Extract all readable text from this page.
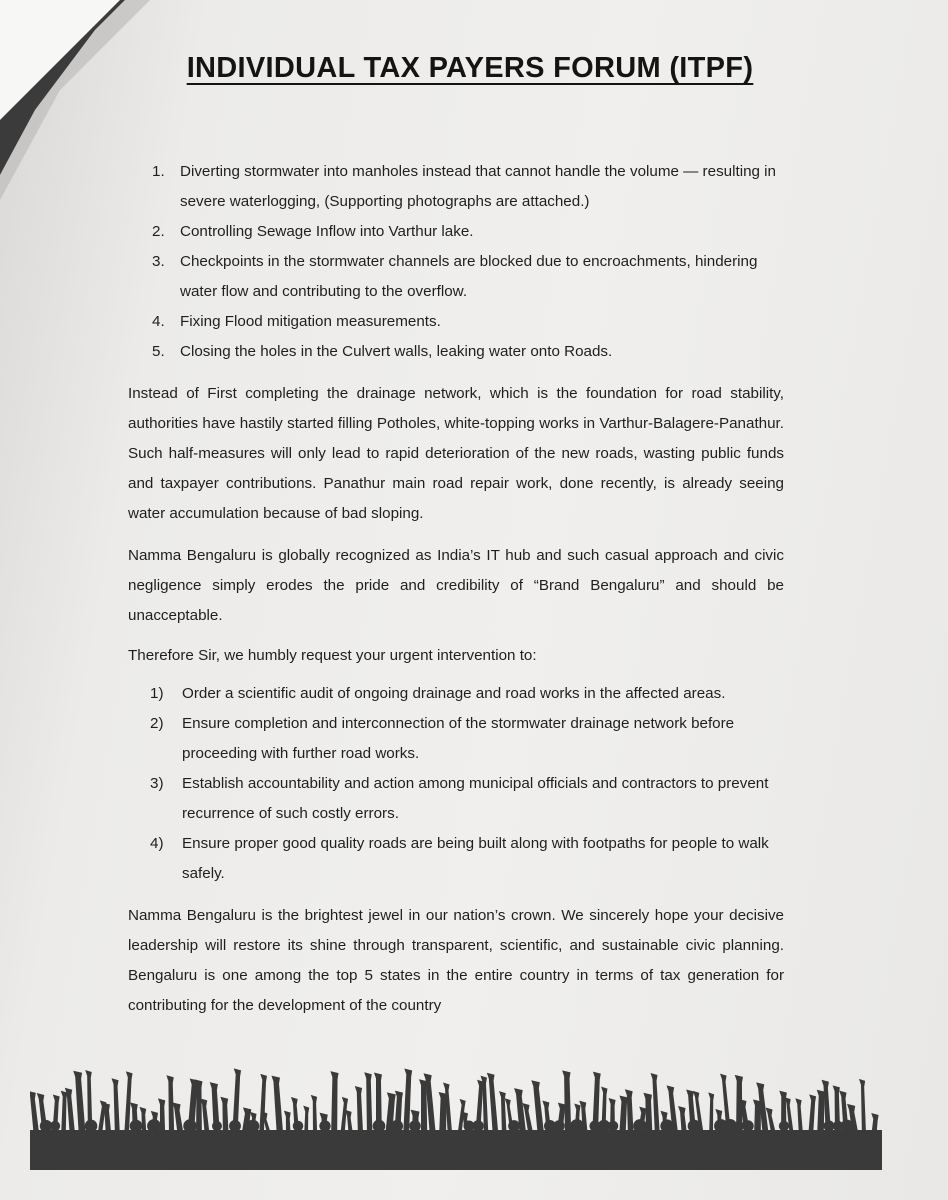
INDIVIDUAL TAX PAYERS FORUM (ITPF)
1. Diverting stormwater into manholes instead that cannot handle the volume — resulting in severe waterlogging, (Supporting photographs are attached.)
2. Controlling Sewage Inflow into Varthur lake.
3. Checkpoints in the stormwater channels are blocked due to encroachments, hindering water flow and contributing to the overflow.
4. Fixing Flood mitigation measurements.
5. Closing the holes in the Culvert walls, leaking water onto Roads.

Instead of First completing the drainage network, which is the foundation for road stability, authorities have hastily started filling Potholes, white-topping works in Varthur-Balagere-Panathur. Such half-measures will only lead to rapid deterioration of the new roads, wasting public funds and taxpayer contributions. Panathur main road repair work, done recently, is already seeing water accumulation because of bad sloping.

Namma Bengaluru is globally recognized as India’s IT hub and such casual approach and civic negligence simply erodes the pride and credibility of “Brand Bengaluru” and should be unacceptable.

Therefore Sir, we humbly request your urgent intervention to:

1) Order a scientific audit of ongoing drainage and road works in the affected areas.
2) Ensure completion and interconnection of the stormwater drainage network before proceeding with further road works.
3) Establish accountability and action among municipal officials and contractors to prevent recurrence of such costly errors.
4) Ensure proper good quality roads are being built along with footpaths for people to walk safely.

Namma Bengaluru is the brightest jewel in our nation’s crown. We sincerely hope your decisive leadership will restore its shine through transparent, scientific, and sustainable civic planning. Bengaluru is one among the top 5 states in the entire country in terms of tax generation for contributing for the development of the country
